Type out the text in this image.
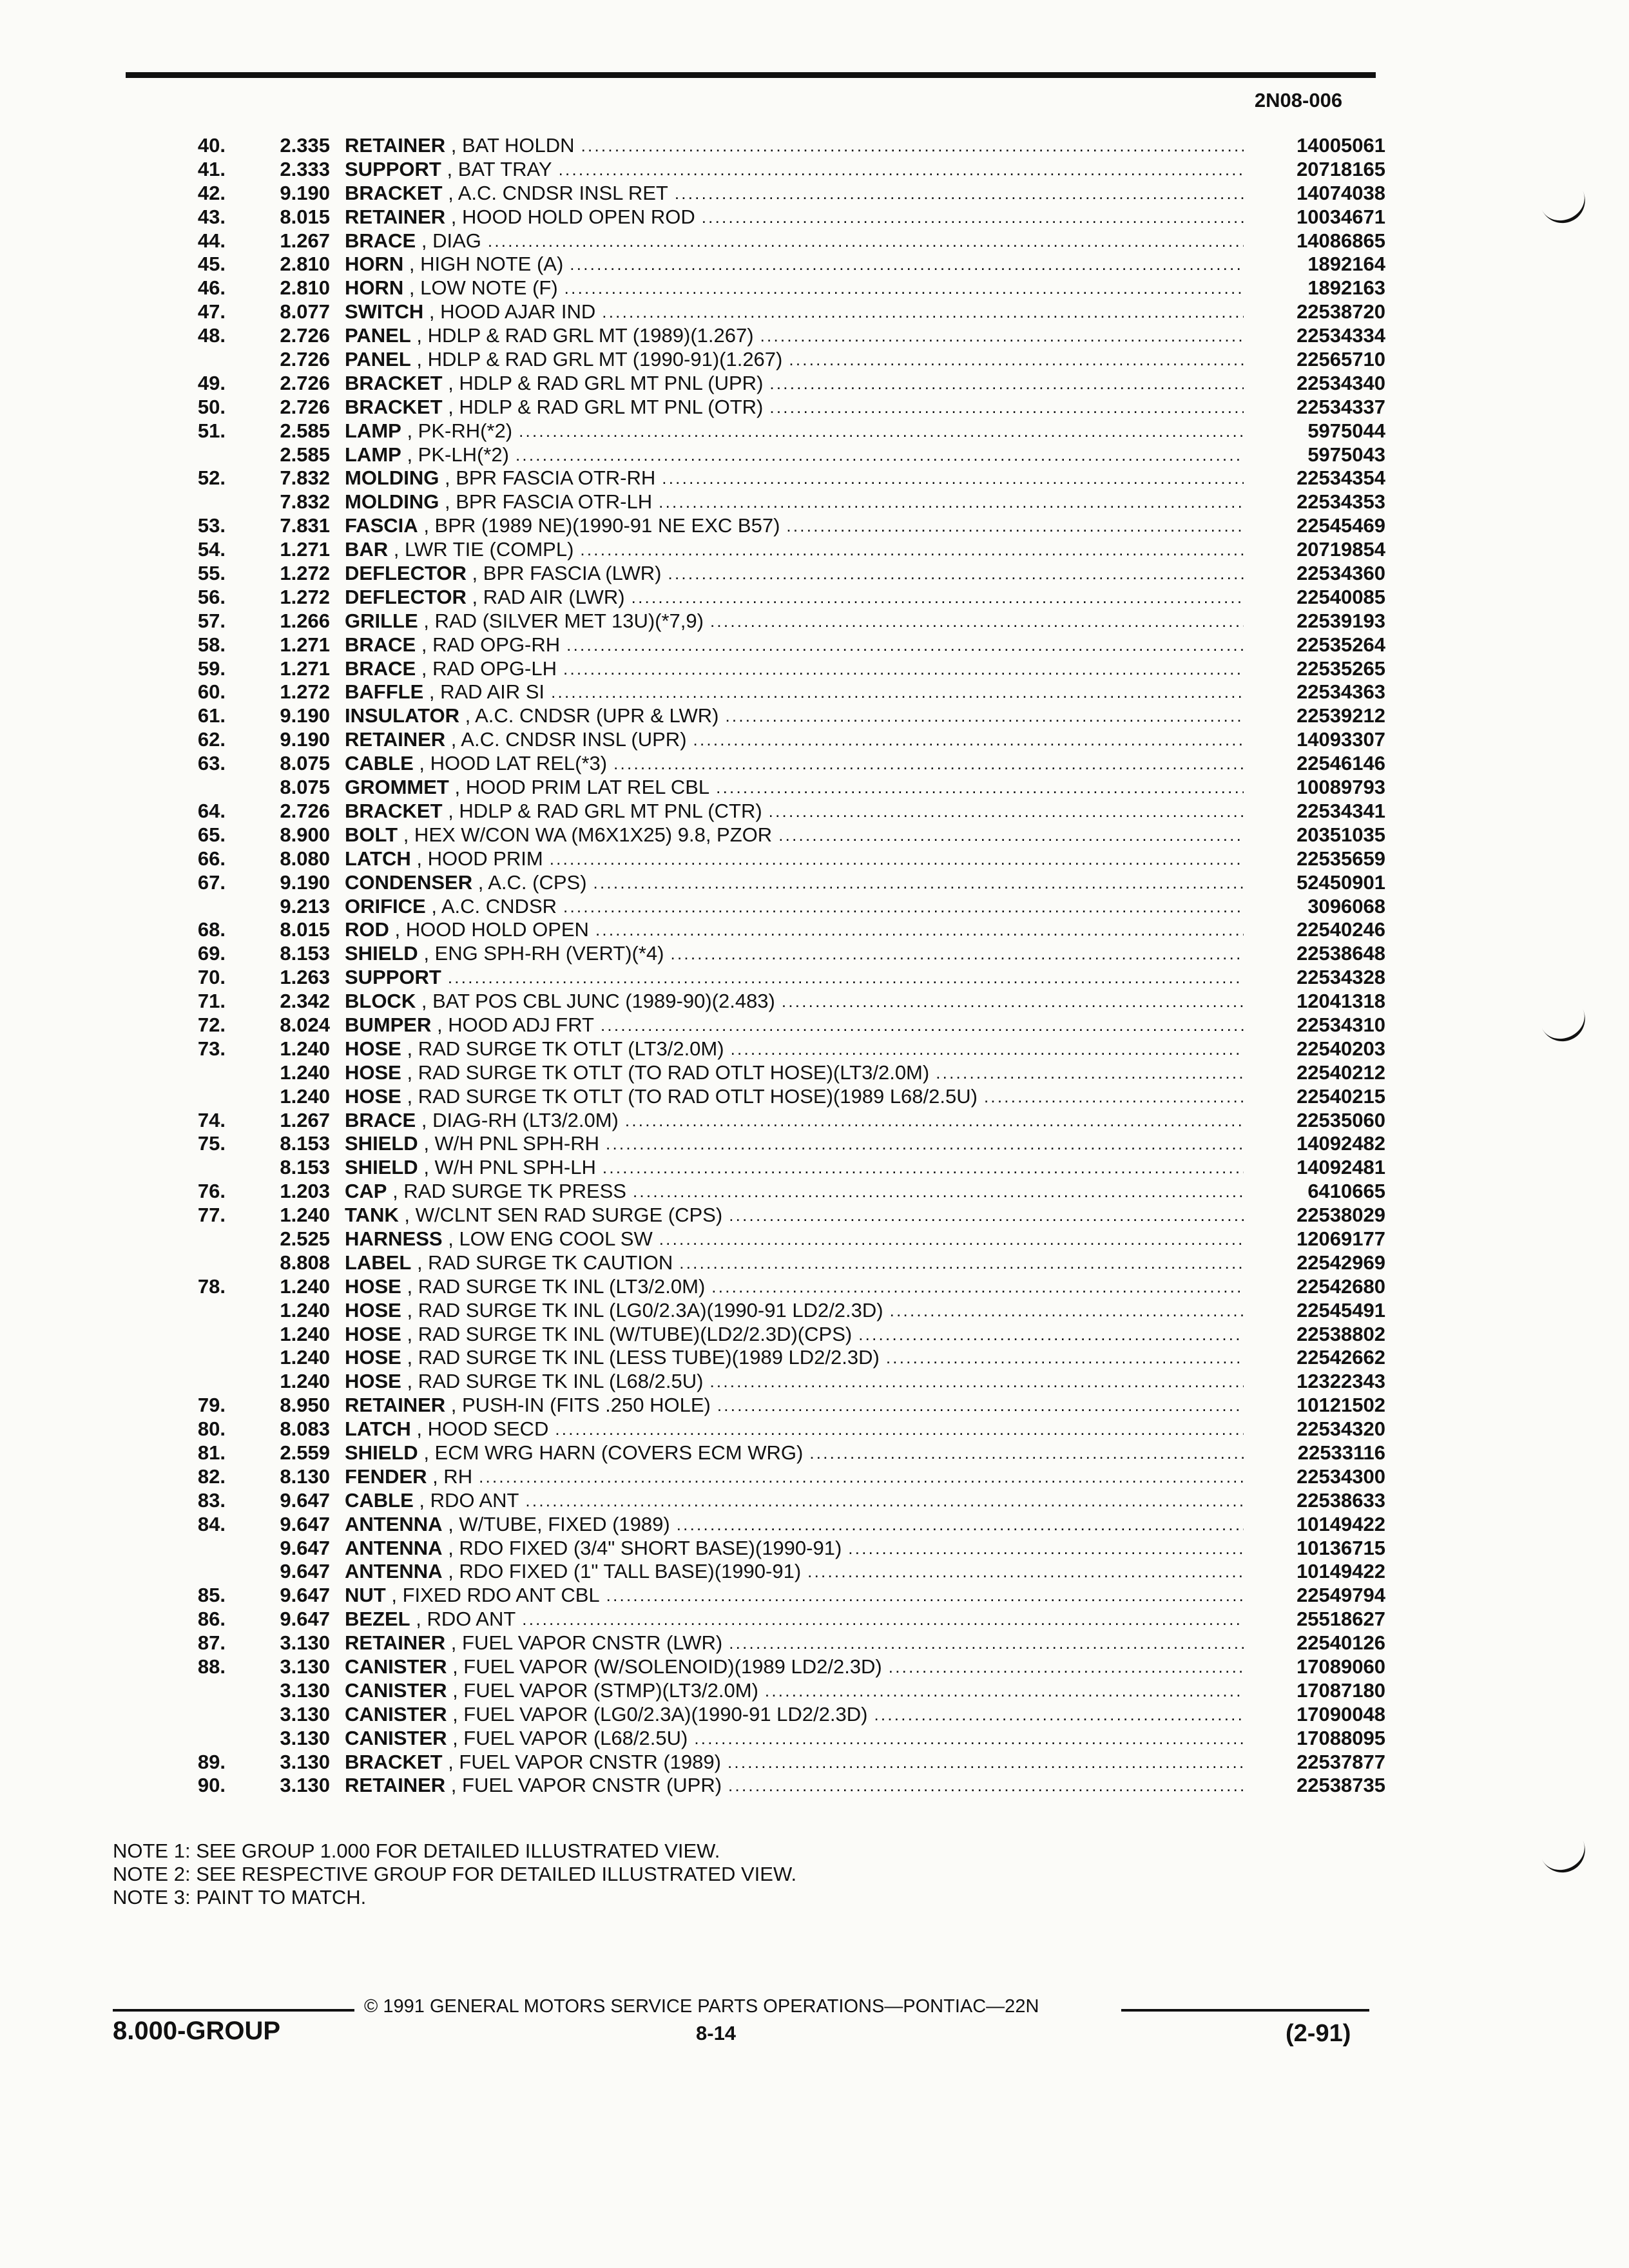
2N08-006
40.	2.335 RETAINER , BAT HOLDN . . .	14005061
41.	2.333 SUPPORT , BAT TRAY . . .	20718165
42.	9.190 BRACKET , A.C. CNDSR INSL RET . . .	14074038
43.	8.015 RETAINER , HOOD HOLD OPEN ROD . . .	10034671
44.	1.267 BRACE , DIAG . . .	14086865
45.	2.810 HORN , HIGH NOTE (A) . . .	1892164
46.	2.810 HORN , LOW NOTE (F) . . .	1892163
47.	8.077 SWITCH , HOOD AJAR IND . . .	22538720
48.	2.726 PANEL , HDLP & RAD GRL MT (1989)(1.267) . . .	22534334
2.726 PANEL , HDLP & RAD GRL MT (1990-91)(1.267) . . .	22565710
49.	2.726 BRACKET , HDLP & RAD GRL MT PNL (UPR) . . .	22534340
50.	2.726 BRACKET , HDLP & RAD GRL MT PNL (OTR) . . .	22534337
51.	2.585 LAMP , PK-RH(*2) . . .	5975044
2.585 LAMP , PK-LH(*2) . . .	5975043
52.	7.832 MOLDING , BPR FASCIA OTR-RH . . .	22534354
7.832 MOLDING , BPR FASCIA OTR-LH . . .	22534353
53.	7.831 FASCIA , BPR (1989 NE)(1990-91 NE EXC B57) . . .	22545469
54.	1.271 BAR , LWR TIE (COMPL) . . .	20719854
55.	1.272 DEFLECTOR , BPR FASCIA (LWR) . . .	22534360
56.	1.272 DEFLECTOR , RAD AIR (LWR) . . .	22540085
57.	1.266 GRILLE , RAD (SILVER MET 13U)(*7,9) . . .	22539193
58.	1.271 BRACE , RAD OPG-RH . . .	22535264
59.	1.271 BRACE , RAD OPG-LH . . .	22535265
60.	1.272 BAFFLE , RAD AIR SI . . .	22534363
61.	9.190 INSULATOR , A.C. CNDSR (UPR & LWR) . . .	22539212
62.	9.190 RETAINER , A.C. CNDSR INSL (UPR) . . .	14093307
63.	8.075 CABLE , HOOD LAT REL(*3) . . .	22546146
8.075 GROMMET , HOOD PRIM LAT REL CBL . . .	10089793
64.	2.726 BRACKET , HDLP & RAD GRL MT PNL (CTR) . . .	22534341
65.	8.900 BOLT , HEX W/CON WA (M6X1X25) 9.8, PZOR . . .	20351035
66.	8.080 LATCH , HOOD PRIM . . .	22535659
67.	9.190 CONDENSER , A.C. (CPS) . . .	52450901
9.213 ORIFICE , A.C. CNDSR . . .	3096068
68.	8.015 ROD , HOOD HOLD OPEN . . .	22540246
69.	8.153 SHIELD , ENG SPH-RH (VERT)(*4) . . .	22538648
70.	1.263 SUPPORT . . .	22534328
71.	2.342 BLOCK , BAT POS CBL JUNC (1989-90)(2.483) . . .	12041318
72.	8.024 BUMPER , HOOD ADJ FRT . . .	22534310
73.	1.240 HOSE , RAD SURGE TK OTLT (LT3/2.0M) . . .	22540203
1.240 HOSE , RAD SURGE TK OTLT (TO RAD OTLT HOSE)(LT3/2.0M) . . .	22540212
1.240 HOSE , RAD SURGE TK OTLT (TO RAD OTLT HOSE)(1989 L68/2.5U) . . .	22540215
74.	1.267 BRACE , DIAG-RH (LT3/2.0M) . . .	22535060
75.	8.153 SHIELD , W/H PNL SPH-RH . . .	14092482
8.153 SHIELD , W/H PNL SPH-LH . . .	14092481
76.	1.203 CAP , RAD SURGE TK PRESS . . .	6410665
77.	1.240 TANK , W/CLNT SEN RAD SURGE (CPS) . . .	22538029
2.525 HARNESS , LOW ENG COOL SW . . .	12069177
8.808 LABEL , RAD SURGE TK CAUTION . . .	22542969
78.	1.240 HOSE , RAD SURGE TK INL (LT3/2.0M) . . .	22542680
1.240 HOSE , RAD SURGE TK INL (LG0/2.3A)(1990-91 LD2/2.3D) . . .	22545491
1.240 HOSE , RAD SURGE TK INL (W/TUBE)(LD2/2.3D)(CPS) . . .	22538802
1.240 HOSE , RAD SURGE TK INL (LESS TUBE)(1989 LD2/2.3D) . . .	22542662
1.240 HOSE , RAD SURGE TK INL (L68/2.5U) . . .	12322343
79.	8.950 RETAINER , PUSH-IN (FITS .250 HOLE) . . .	10121502
80.	8.083 LATCH , HOOD SECD . . .	22534320
81.	2.559 SHIELD , ECM WRG HARN (COVERS ECM WRG) . . .	22533116
82.	8.130 FENDER , RH . . .	22534300
83.	9.647 CABLE , RDO ANT . . .	22538633
84.	9.647 ANTENNA , W/TUBE, FIXED (1989) . . .	10149422
9.647 ANTENNA , RDO FIXED (3/4" SHORT BASE)(1990-91) . . .	10136715
9.647 ANTENNA , RDO FIXED (1" TALL BASE)(1990-91) . . .	10149422
85.	9.647 NUT , FIXED RDO ANT CBL . . .	22549794
86.	9.647 BEZEL , RDO ANT . . .	25518627
87.	3.130 RETAINER , FUEL VAPOR CNSTR (LWR) . . .	22540126
88.	3.130 CANISTER , FUEL VAPOR (W/SOLENOID)(1989 LD2/2.3D) . . .	17089060
3.130 CANISTER , FUEL VAPOR (STMP)(LT3/2.0M) . . .	17087180
3.130 CANISTER , FUEL VAPOR (LG0/2.3A)(1990-91 LD2/2.3D) . . .	17090048
3.130 CANISTER , FUEL VAPOR (L68/2.5U) . . .	17088095
89.	3.130 BRACKET , FUEL VAPOR CNSTR (1989) . . .	22537877
90.	3.130 RETAINER , FUEL VAPOR CNSTR (UPR) . . .	22538735
NOTE 1: SEE GROUP 1.000 FOR DETAILED ILLUSTRATED VIEW.
NOTE 2: SEE RESPECTIVE GROUP FOR DETAILED ILLUSTRATED VIEW.
NOTE 3: PAINT TO MATCH.
© 1991 GENERAL MOTORS SERVICE PARTS OPERATIONS—PONTIAC—22N
8.000-GROUP	8-14	(2-91)
